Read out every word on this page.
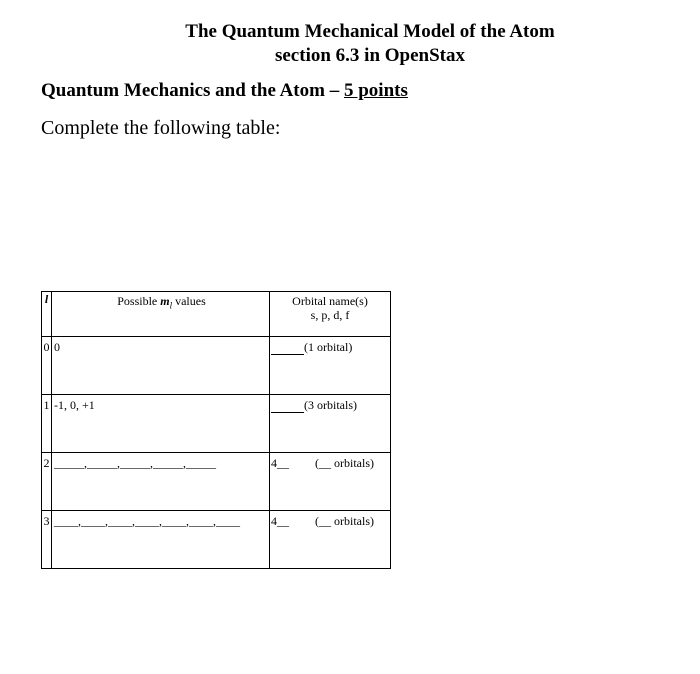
The Quantum Mechanical Model of the Atom
section 6.3 in OpenStax
Quantum Mechanics and the Atom – 5 points
Complete the following table:
l	Possible $m_l$ values	Orbital name(s)
s, p, d, f

0	0	(1 orbital)

1	-1, 0, +1	(3 orbitals)

2	_____,_____,_____,_____,_____	4__ (__ orbitals)

3	____,____,____,____,____,____,____	4__ (__ orbitals)
